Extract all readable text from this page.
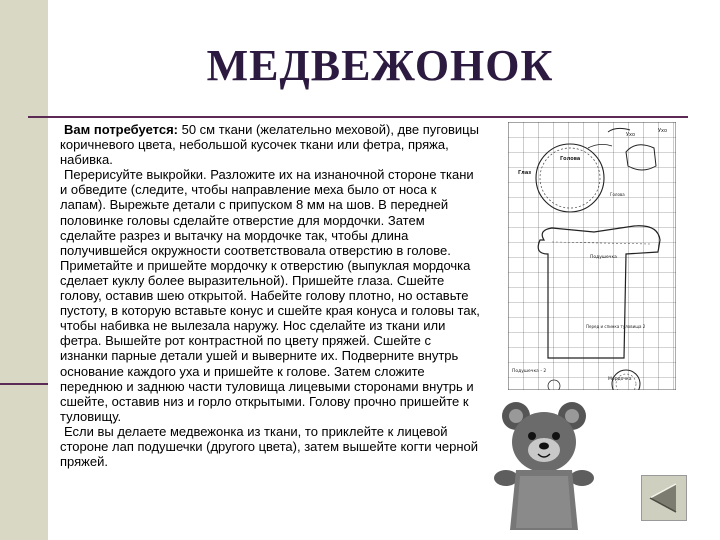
МЕДВЕЖОНОК

Вам потребуется: 50 см ткани (желательно меховой), две пуговицы коричневого цвета, небольшой кусочек ткани или фетра, пряжа, набивка.

Перерисуйте выкройки. Разложите их на изнаночной стороне ткани и обведите (следите, чтобы направление меха было от носа к лапам). Вырежьте детали с припуском 8 мм на шов. В передней половинке головы сделайте отверстие для мордочки. Затем сделайте разрез и вытачку на мордочке так, чтобы длина получившейся окружности соответствовала отверстию в голове. Приметайте и пришейте мордочку к отверстию (выпуклая мордочка сделает куклу более выразительной). Пришейте глаза. Сшейте голову, оставив шею открытой. Набейте голову плотно, но оставьте пустоту, в которую вставьте конус и сшейте края конуса и головы так, чтобы набивка не вылезала наружу. Нос сделайте из ткани или фетра. Вышейте рот контрастной по цвету пряжей. Сшейте с изнанки парные детали ушей и выверните их. Подверните внутрь основание каждого уха и пришейте к голове. Затем сложите переднюю и заднюю части туловища лицевыми сторонами внутрь и сшейте, оставив низ и горло открытыми. Голову прочно пришейте к туловищу.

Если вы делаете медвежонка из ткани, то приклейте к лицевой стороне лап подушечки (другого цвета), затем вышейте когти черной пряжей.

Ухо
Ухо
Голова
Глаз
Голова
Подушечка
Перед и спинка туловища 2
Подушечка - 2
Мордочка
